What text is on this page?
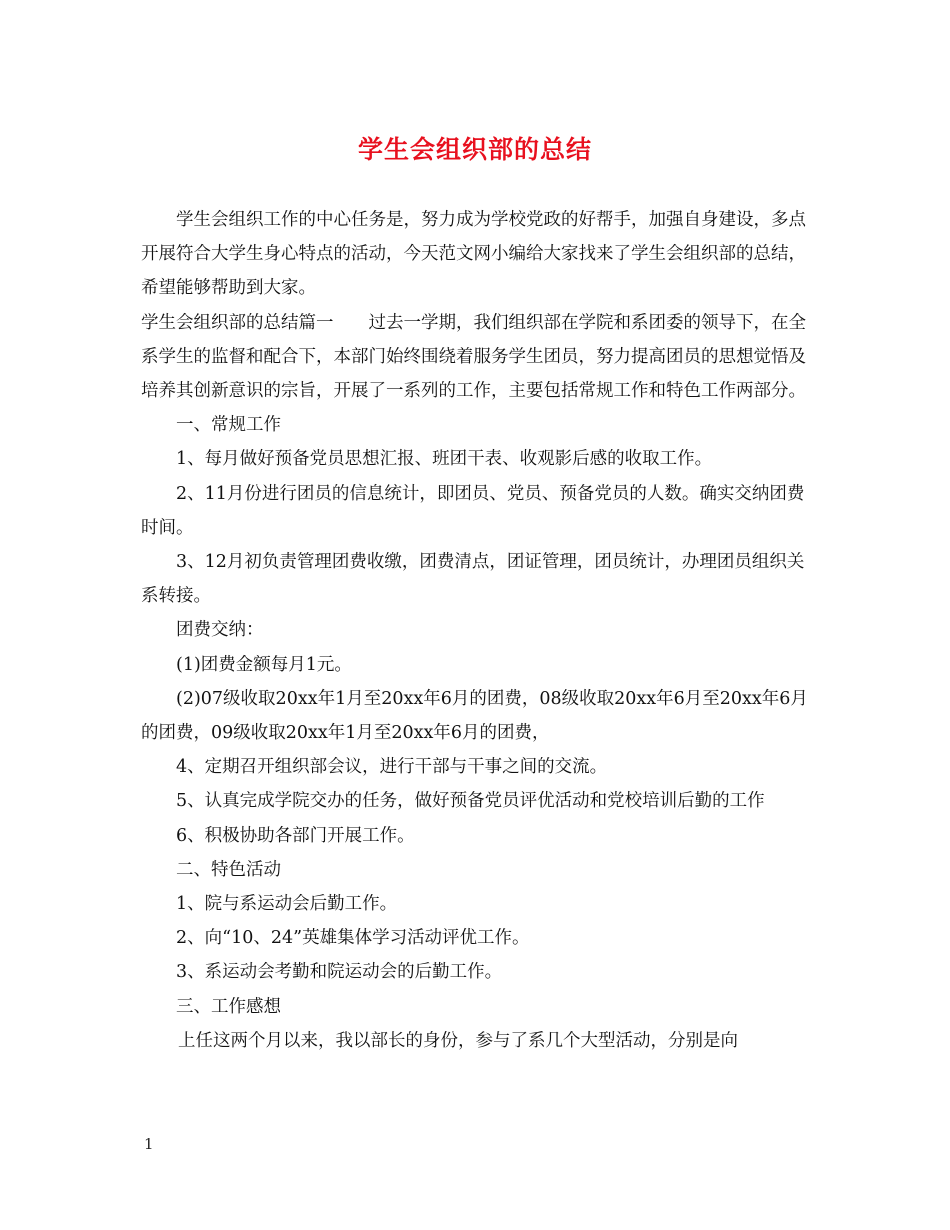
学生会组织部的总结

学生会组织工作的中心任务是，努力成为学校党政的好帮手，加强自身建设，多点开展符合大学生身心特点的活动，今天范文网小编给大家找来了学生会组织部的总结，希望能够帮助到大家。

学生会组织部的总结篇一　　过去一学期，我们组织部在学院和系团委的领导下，在全系学生的监督和配合下，本部门始终围绕着服务学生团员，努力提高团员的思想觉悟及培养其创新意识的宗旨，开展了一系列的工作，主要包括常规工作和特色工作两部分。

一、常规工作

1、每月做好预备党员思想汇报、班团干表、收观影后感的收取工作。

2、11月份进行团员的信息统计，即团员、党员、预备党员的人数。确实交纳团费时间。

3、12月初负责管理团费收缴，团费清点，团证管理，团员统计，办理团员组织关系转接。

团费交纳：

(1)团费金额每月1元。

(2)07级收取20xx年1月至20xx年6月的团费，08级收取20xx年6月至20xx年6月的团费，09级收取20xx年1月至20xx年6月的团费，

4、定期召开组织部会议，进行干部与干事之间的交流。

5、认真完成学院交办的任务，做好预备党员评优活动和党校培训后勤的工作

6、积极协助各部门开展工作。

二、特色活动

1、院与系运动会后勤工作。

2、向“10、24”英雄集体学习活动评优工作。

3、系运动会考勤和院运动会的后勤工作。

三、工作感想

上任这两个月以来，我以部长的身份，参与了系几个大型活动，分别是向

1
